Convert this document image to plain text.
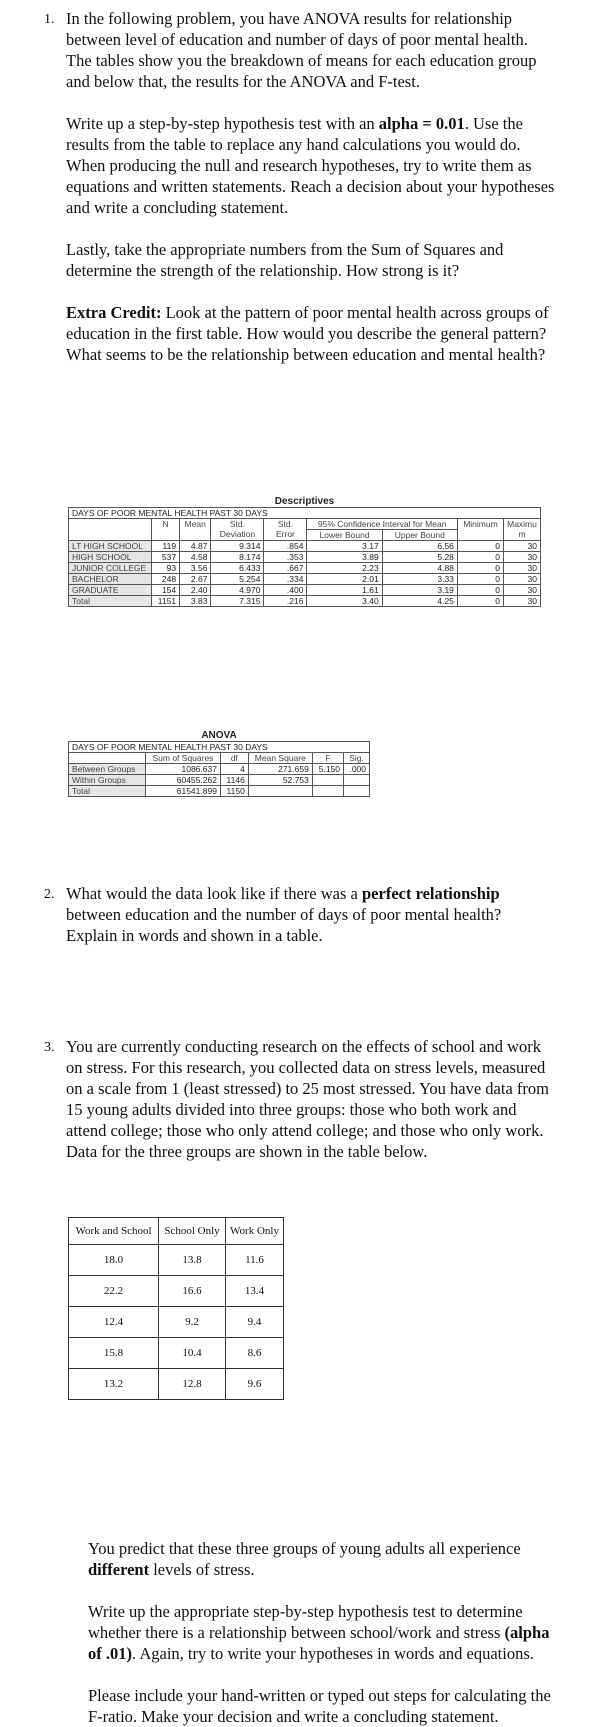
1. In the following problem, you have ANOVA results for relationship between level of education and number of days of poor mental health. The tables show you the breakdown of means for each education group and below that, the results for the ANOVA and F-test.

Write up a step-by-step hypothesis test with an alpha = 0.01. Use the results from the table to replace any hand calculations you would do. When producing the null and research hypotheses, try to write them as equations and written statements. Reach a decision about your hypotheses and write a concluding statement.

Lastly, take the appropriate numbers from the Sum of Squares and determine the strength of the relationship. How strong is it?

Extra Credit: Look at the pattern of poor mental health across groups of education in the first table. How would you describe the general pattern? What seems to be the relationship between education and mental health?

Descriptives								
DAYS OF POOR MENTAL HEALTH PAST 30 DAYS								
	N	Mean	Std. Deviation	Std. Error	95% Confidence Interval for Mean		Minimum	Maximu m
					Lower Bound	Upper Bound		
LT HIGH SCHOOL	119	4.87	9.314	.854	3.17	6.56	0	30
HIGH SCHOOL	537	4.58	8.174	.353	3.89	5.28	0	30
JUNIOR COLLEGE	93	3.56	6.433	.667	2.23	4.88	0	30
BACHELOR	248	2.67	5.254	.334	2.01	3.33	0	30
GRADUATE	154	2.40	4.970	.400	1.61	3.19	0	30
Total	1151	3.83	7.315	.216	3.40	4.25	0	30
ANOVA					
DAYS OF POOR MENTAL HEALTH PAST 30 DAYS					
	Sum of Squares	df	Mean Square	F	Sig.
Between Groups	1086.637	4	271.659	5.150	.000
Within Groups	60455.262	1146	52.753		
Total	61541.899	1150			
2. What would the data look like if there was a perfect relationship between education and the number of days of poor mental health? Explain in words and shown in a table.

3. You are currently conducting research on the effects of school and work on stress. For this research, you collected data on stress levels, measured on a scale from 1 (least stressed) to 25 most stressed. You have data from 15 young adults divided into three groups: those who both work and attend college; those who only attend college; and those who only work. Data for the three groups are shown in the table below.

Work and School	School Only	Work Only
18.0	13.8	11.6
22.2	16.6	13.4
12.4	9.2	9.4
15.8	10.4	8.6
13.2	12.8	9.6

You predict that these three groups of young adults all experience different levels of stress.

Write up the appropriate step-by-step hypothesis test to determine whether there is a relationship between school/work and stress (alpha of .01). Again, try to write your hypotheses in words and equations.

Please include your hand-written or typed out steps for calculating the F-ratio. Make your decision and write a concluding statement.
